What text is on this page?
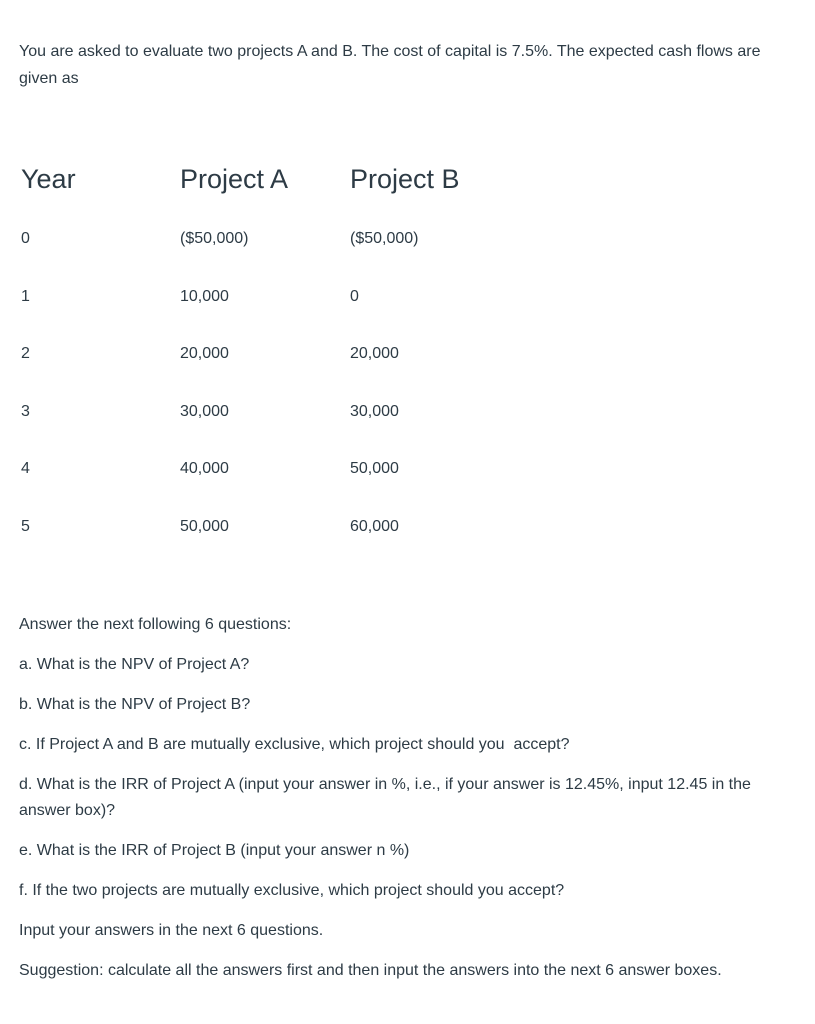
You are asked to evaluate two projects A and B. The cost of capital is 7.5%. The expected cash flows are given as

Year	Project A Project B
0	($50,000)	($50,000)
1	10,000	0
2	20,000	20,000
3	30,000	30,000
4	40,000	50,000
5	50,000	60,000

Answer the next following 6 questions:

a. What is the NPV of Project A?

b. What is the NPV of Project B?

c. If Project A and B are mutually exclusive, which project should you  accept?

d. What is the IRR of Project A (input your answer in %, i.e., if your answer is 12.45%, input 12.45 in the answer box)?

e. What is the IRR of Project B (input your answer n %)

f. If the two projects are mutually exclusive, which project should you accept?

Input your answers in the next 6 questions.

Suggestion: calculate all the answers first and then input the answers into the next 6 answer boxes.
